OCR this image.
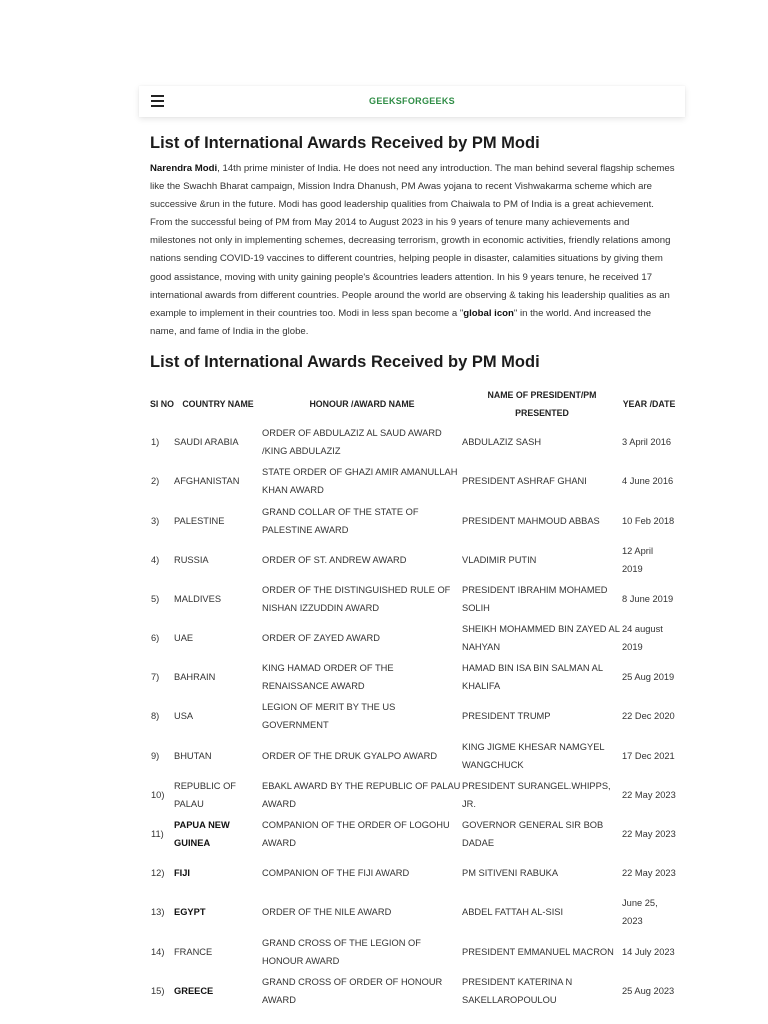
GEEKSFORGEEKS
List of International Awards Received by PM Modi

Narendra Modi, 14th prime minister of India. He does not need any introduction. The man behind several flagship schemes like the Swachh Bharat campaign, Mission Indra Dhanush, PM Awas yojana to recent Vishwakarma scheme which are successive &run in the future. Modi has good leadership qualities from Chaiwala to PM of India is a great achievement. From the successful being of PM from May 2014 to August 2023 in his 9 years of tenure many achievements and milestones not only in implementing schemes, decreasing terrorism, growth in economic activities, friendly relations among nations sending COVID-19 vaccines to different countries, helping people in disaster, calamities situations by giving them good assistance, moving with unity gaining people's &countries leaders attention. In his 9 years tenure, he received 17 international awards from different countries. People around the world are observing & taking his leadership qualities as an example to implement in their countries too. Modi in less span become a "global icon" in the world. And increased the name, and fame of India in the globe.

List of International Awards Received by PM Modi
SI NO	COUNTRY NAME	HONOUR /AWARD NAME	NAME OF PRESIDENT/PM PRESENTED	YEAR /DATE
1)	SAUDI ARABIA	ORDER OF ABDULAZIZ AL SAUD AWARD /KING ABDULAZIZ	ABDULAZIZ SASH	3 April 2016
2)	AFGHANISTAN	STATE ORDER OF GHAZI AMIR AMANULLAH KHAN AWARD	PRESIDENT ASHRAF GHANI	4 June 2016
3)	PALESTINE	GRAND COLLAR OF THE STATE OF PALESTINE AWARD	PRESIDENT MAHMOUD ABBAS	10 Feb 2018
4)	RUSSIA	ORDER OF ST. ANDREW AWARD	VLADIMIR PUTIN	12 April 2019
5)	MALDIVES	ORDER OF THE DISTINGUISHED RULE OF NISHAN IZZUDDIN AWARD	PRESIDENT IBRAHIM MOHAMED SOLIH	8 June 2019
6)	UAE	ORDER OF ZAYED AWARD	SHEIKH MOHAMMED BIN ZAYED AL NAHYAN	24 august 2019
7)	BAHRAIN	KING HAMAD ORDER OF THE RENAISSANCE AWARD	HAMAD BIN ISA BIN SALMAN AL KHALIFA	25 Aug 2019
8)	USA	LEGION OF MERIT BY THE US GOVERNMENT	PRESIDENT TRUMP	22 Dec 2020
9)	BHUTAN	ORDER OF THE DRUK GYALPO AWARD	KING JIGME KHESAR NAMGYEL WANGCHUCK	17 Dec 2021
10)	REPUBLIC OF PALAU	EBAKL AWARD BY THE REPUBLIC OF PALAU AWARD	PRESIDENT SURANGEL.WHIPPS, JR.	22 May 2023
11)	PAPUA NEW GUINEA	COMPANION OF THE ORDER OF LOGOHU AWARD	GOVERNOR GENERAL SIR BOB DADAE	22 May 2023
12)	FIJI	COMPANION OF THE FIJI AWARD	PM SITIVENI RABUKA	22 May 2023
13)	EGYPT	ORDER OF THE NILE AWARD	ABDEL FATTAH AL-SISI	June 25, 2023
14)	FRANCE	GRAND CROSS OF THE LEGION OF HONOUR AWARD	PRESIDENT EMMANUEL MACRON	14 July 2023
15)	GREECE	GRAND CROSS OF ORDER OF HONOUR AWARD	PRESIDENT KATERINA N SAKELLAROPOULOU	25 Aug 2023
